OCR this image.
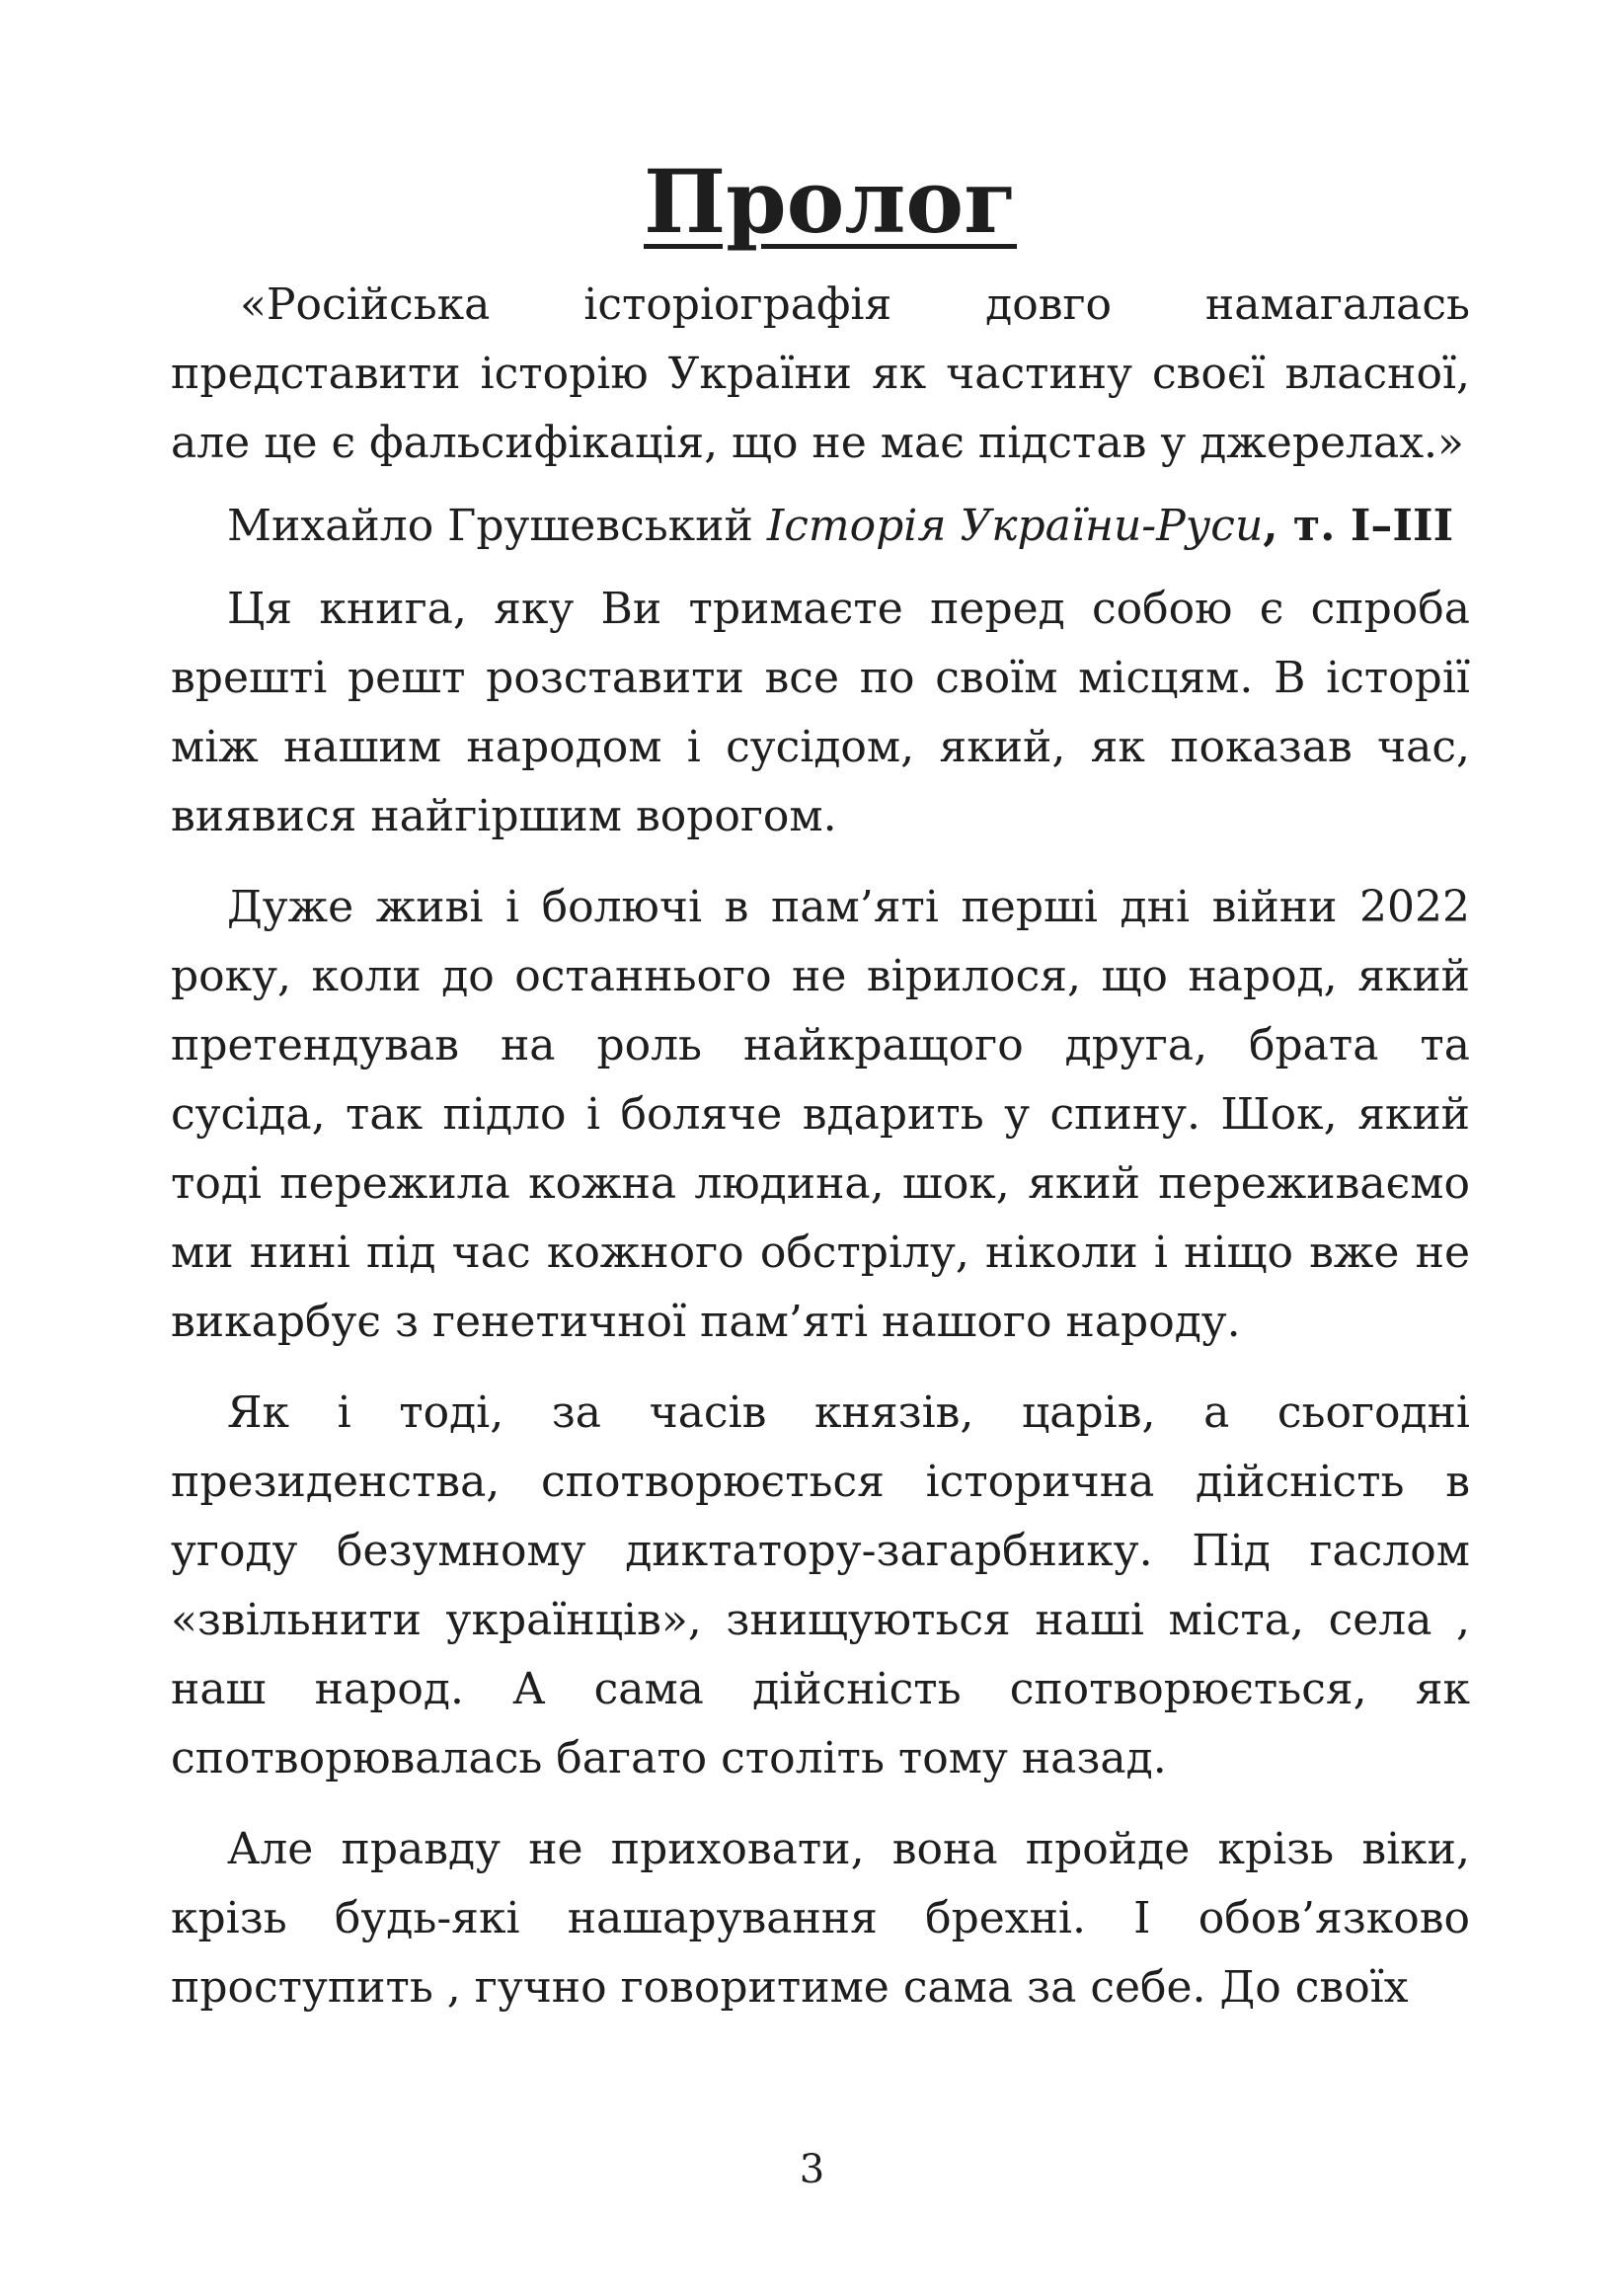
Пролог

«Російська історіографія довго намагалась представити історію України як частину своєї власної, але це є фальсифікація, що не має підстав у джерелах.»

Михайло Грушевський Історія України-Руси, т. I–III

Ця книга, яку Ви тримаєте перед собою є спроба врешті решт розставити все по своїм місцям. В історії між нашим народом і сусідом, який, як показав час, виявися найгіршим ворогом.

Дуже живі і болючі в пам’яті перші дні війни 2022 року, коли до останнього не вірилося, що народ, який претендував на роль найкращого друга, брата та сусіда, так підло і боляче вдарить у спину. Шок, який тоді пережила кожна людина, шок, який переживаємо ми нині під час кожного обстрілу, ніколи і ніщо вже не викарбує з генетичної пам’яті нашого народу.

Як і тоді, за часів князів, царів, а сьогодні президенства, спотворюється історична дійсність в угоду безумному диктатору-загарбнику. Під гаслом «звільнити українців», знищуються наші міста, села , наш народ. А сама дійсність спотворюється, як спотворювалась багато століть тому назад.

Але правду не приховати, вона пройде крізь віки, крізь будь-які нашарування брехні. І обов’язково проступить , гучно говоритиме сама за себе. До своїх

3
